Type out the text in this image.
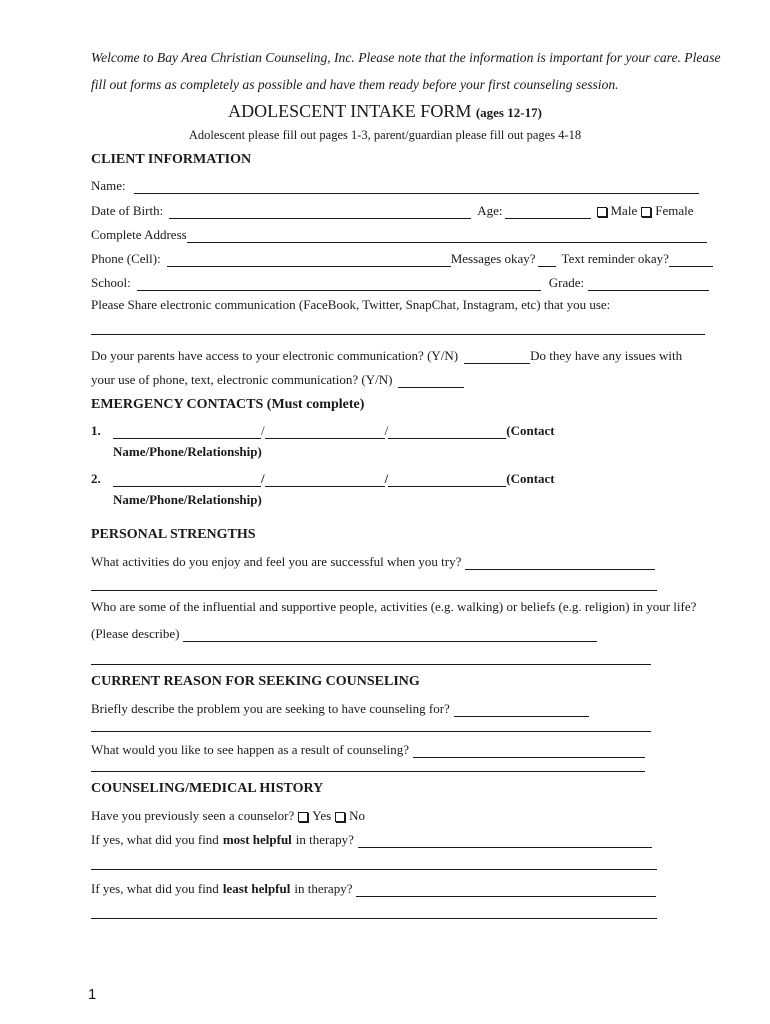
Welcome to Bay Area Christian Counseling, Inc. Please note that the information is important for your care. Please fill out forms as completely as possible and have them ready before your first counseling session.
ADOLESCENT INTAKE FORM (ages 12-17)
Adolescent please fill out pages 1-3, parent/guardian please fill out pages 4-18
CLIENT INFORMATION
Name:
Date of Birth:	Age:	Male Female
Complete Address
Phone (Cell):	Messages okay? Text reminder okay?
School:	Grade:
Please Share electronic communication (FaceBook, Twitter, SnapChat, Instagram, etc) that you use:
Do your parents have access to your electronic communication? (Y/N)	Do they have any issues with
your use of phone, text, electronic communication? (Y/N)
EMERGENCY CONTACTS (Must complete)
1.	/	/	(Contact
Name/Phone/Relationship)
2.	/	/	(Contact
Name/Phone/Relationship)
PERSONAL STRENGTHS
What activities do you enjoy and feel you are successful when you try?
Who are some of the influential and supportive people, activities (e.g. walking) or beliefs (e.g. religion) in your life?
(Please describe)
CURRENT REASON FOR SEEKING COUNSELING
Briefly describe the problem you are seeking to have counseling for?
What would you like to see happen as a result of counseling?
COUNSELING/MEDICAL HISTORY
Have you previously seen a counselor? Yes No
If yes, what did you find most helpful in therapy?
If yes, what did you find least helpful in therapy?
1
